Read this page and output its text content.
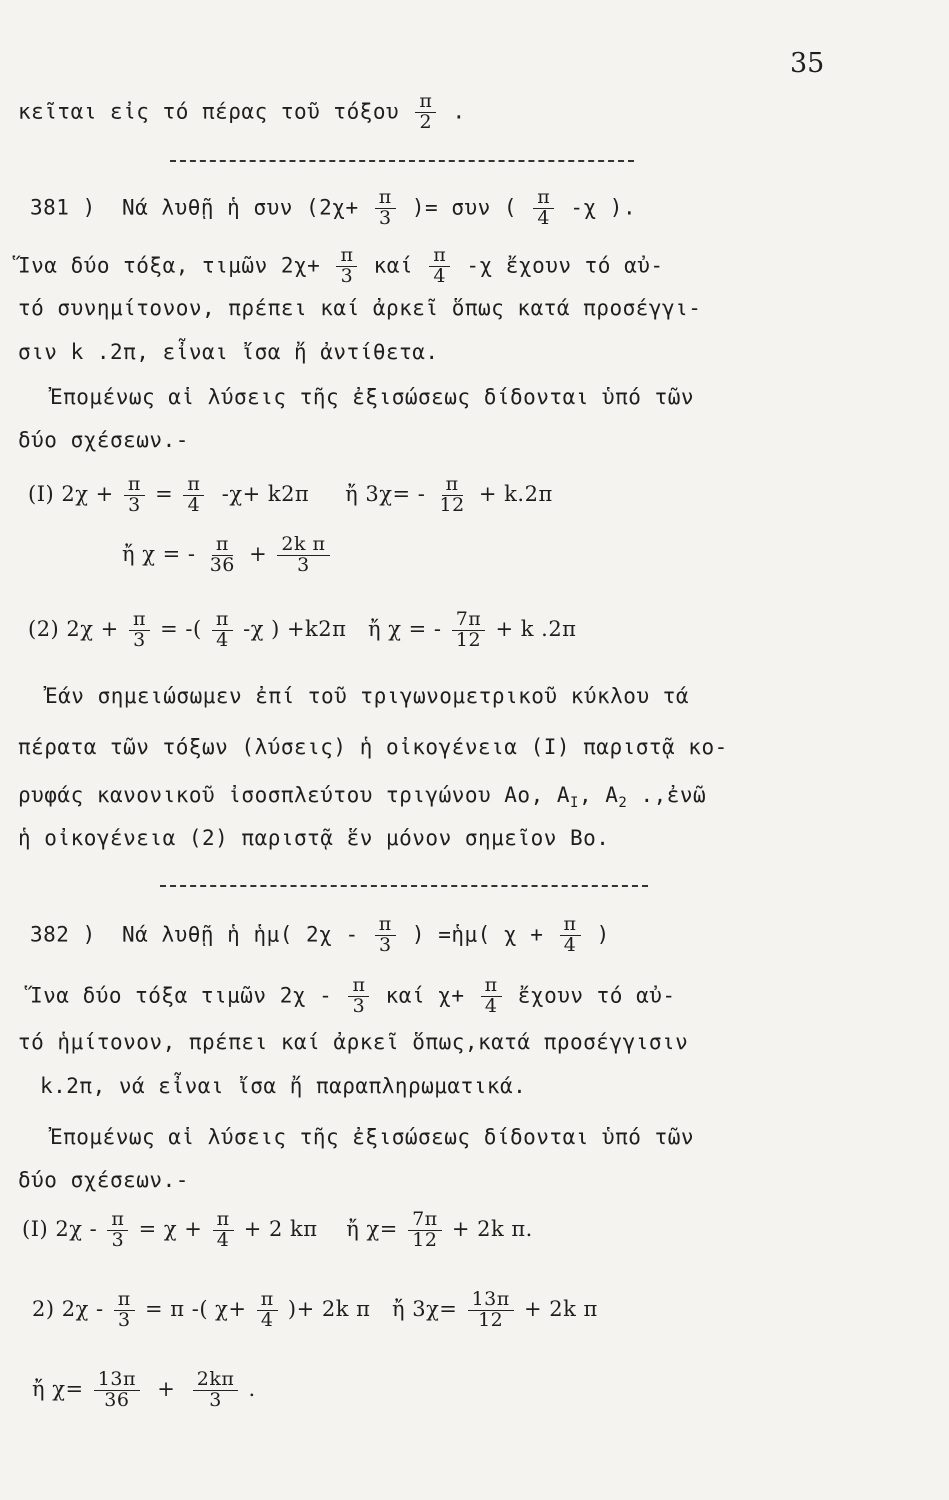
35
κεῖται εἰς τό πέρας τοῦ τόξου $\frac{\pi}{2}$ .
381 ) Νά λυθῇ ἡ συν ($2\chi+ \frac{\pi}{3}$ )= συν ( $\frac{\pi}{4} -\chi$ ).
Ἵνα δύο τόξα, τιμῶν $2\chi+ \frac{\pi}{3}$ καί $\frac{\pi}{4} -\chi$ ἔχουν τό αὐ-
τό συνημίτονον, πρέπει καί ἀρκεῖ ὅπως κατά προσέγγι-
σιν k .2π, εἶναι ἴσα ἤ ἀντίθετα.
Ἐπομένως αἱ λύσεις τῆς ἐξισώσεως δίδονται ὑπό τῶν
δύο σχέσεων.-
(I) $2\chi + \frac{\pi}{3} = \frac{\pi}{4} -\chi+ k2\pi$ ἤ $3\chi= - \frac{\pi}{12} + k.2\pi$
ἤ χ = - $\frac{\pi}{36} + \frac{\text{2k π}}{3}$
(2) $2\chi + \frac{\pi}{3}$ = -( $\frac{\pi}{4} -\chi$ ) +k2π ἤ χ = - $\frac{7\pi}{12} + k$ .2π
Ἐάν σημειώσωμεν ἐπί τοῦ τριγωνομετρικοῦ κύκλου τά
πέρατα τῶν τόξων (λύσεις) ἡ οἰκογένεια (I) παριστᾷ κο-
ρυφάς κανονικοῦ ἰσοσπλεύτου τριγώνου Αο, $A_I$, $A_2$ .,ἐνῶ
ἡ οἰκογένεια (2) παριστᾷ ἕν μόνον σημεῖον Βο.
382 ) Νά λυθῇ ἡ ἡμ( $2\chi - \frac{\pi}{3}$ ) =ἡμ( $\chi + \frac{\pi}{4}$ )
Ἵνα δύο τόξα τιμῶν $2\chi - \frac{\pi}{3}$ καί $\chi+ \frac{\pi}{4}$ ἔχουν τό αὐ-
τό ἡμίτονον, πρέπει καί ἀρκεῖ ὅπως,κατά προσέγγισιν
k.2π, νά εἶναι ἴσα ἤ παραπληρωματικά.
Ἐπομένως αἱ λύσεις τῆς ἐξισώσεως δίδονται ὑπό τῶν
δύο σχέσεων.-
(I) $2\chi - \frac{\pi}{3} = \chi + \frac{\pi}{4} + 2$ kπ ἤ $\chi= \frac{7\pi}{12} + 2k$ π.
2) $2\chi - \frac{\pi}{3} = \pi$ -( $\chi+ \frac{\pi}{4}$ )+ 2k π ἤ $3\chi= \frac{13\pi}{12} + 2k$ π
ἤ $\chi= \frac{13\pi}{36} + \frac{2k\pi}{3}$ .
